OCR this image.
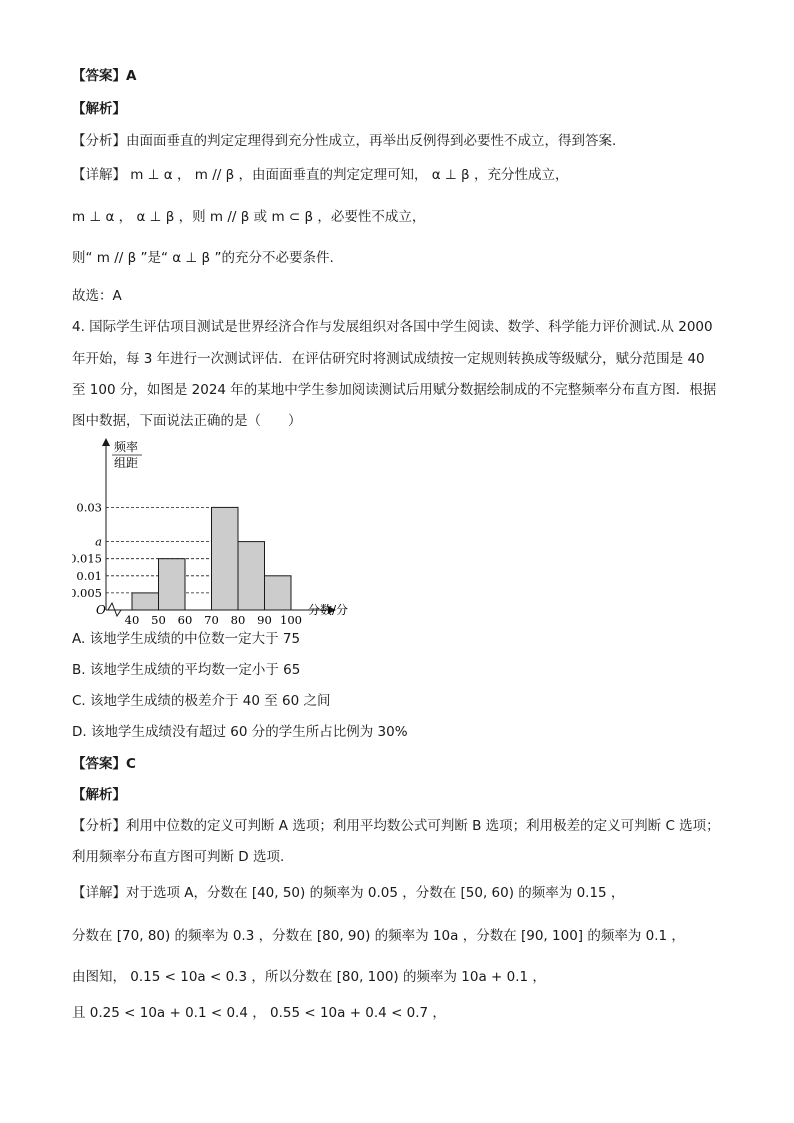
【答案】A
【解析】
【分析】由面面垂直的判定定理得到充分性成立，再举出反例得到必要性不成立，得到答案.
【详解】 m ⊥ α ， m // β ，由面面垂直的判定定理可知， α ⊥ β ，充分性成立，
m ⊥ α ， α ⊥ β ，则 m // β 或 m ⊂ β ，必要性不成立，
则“ m // β ”是“ α ⊥ β ”的充分不必要条件.
故选：A
4. 国际学生评估项目测试是世界经济合作与发展组织对各国中学生阅读、数学、科学能力评价测试.从 2000
年开始，每 3 年进行一次测试评估．在评估研究时将测试成绩按一定规则转换成等级赋分，赋分范围是 40
至 100 分，如图是 2024 年的某地中学生参加阅读测试后用赋分数据绘制成的不完整频率分布直方图．根据
图中数据，下面说法正确的是（　　）
频率
组距
O	分数/分
0.005
0.01
0.015
a
0.03
40 50 60 70 80 90 100
A. 该地学生成绩的中位数一定大于 75
B. 该地学生成绩的平均数一定小于 65
C. 该地学生成绩的极差介于 40 至 60 之间
D. 该地学生成绩没有超过 60 分的学生所占比例为 30%
【答案】C
【解析】
【分析】利用中位数的定义可判断 A 选项；利用平均数公式可判断 B 选项；利用极差的定义可判断 C 选项；
利用频率分布直方图可判断 D 选项.
【详解】对于选项 A，分数在 [40, 50) 的频率为 0.05 ，分数在 [50, 60) 的频率为 0.15 ，
分数在 [70, 80) 的频率为 0.3 ，分数在 [80, 90) 的频率为 10a ，分数在 [90, 100] 的频率为 0.1 ，
由图知， 0.15 < 10a < 0.3 ，所以分数在 [80, 100) 的频率为 10a + 0.1 ，
且 0.25 < 10a + 0.1 < 0.4 ， 0.55 < 10a + 0.4 < 0.7 ，
